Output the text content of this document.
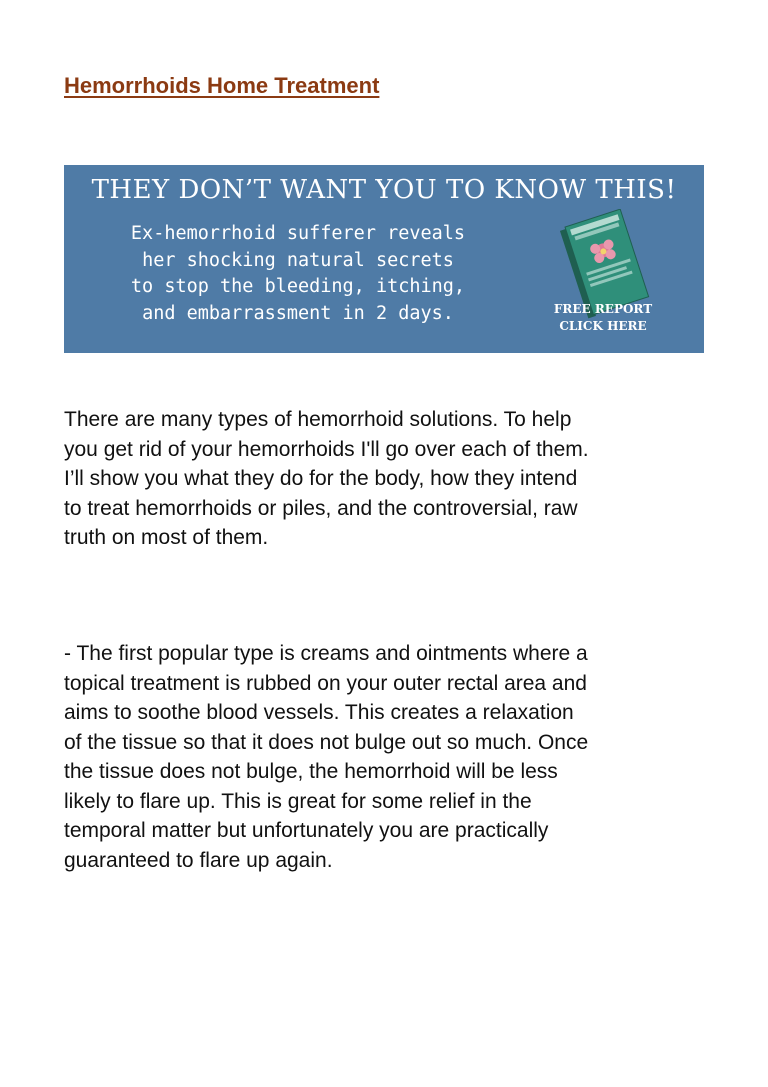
Hemorrhoids Home Treatment
THEY DON’T WANT YOU TO KNOW THIS!
Ex-hemorrhoid sufferer reveals
her shocking natural secrets
to stop the bleeding, itching,
and embarrassment in 2 days.	FREE REPORT
CLICK HERE
There are many types of hemorrhoid solutions. To help
you get rid of your hemorrhoids I'll go over each of them.
I’ll show you what they do for the body, how they intend
to treat hemorrhoids or piles, and the controversial, raw
truth on most of them.
- The first popular type is creams and ointments where a
topical treatment is rubbed on your outer rectal area and
aims to soothe blood vessels. This creates a relaxation
of the tissue so that it does not bulge out so much. Once
the tissue does not bulge, the hemorrhoid will be less
likely to flare up. This is great for some relief in the
temporal matter but unfortunately you are practically
guaranteed to flare up again.
